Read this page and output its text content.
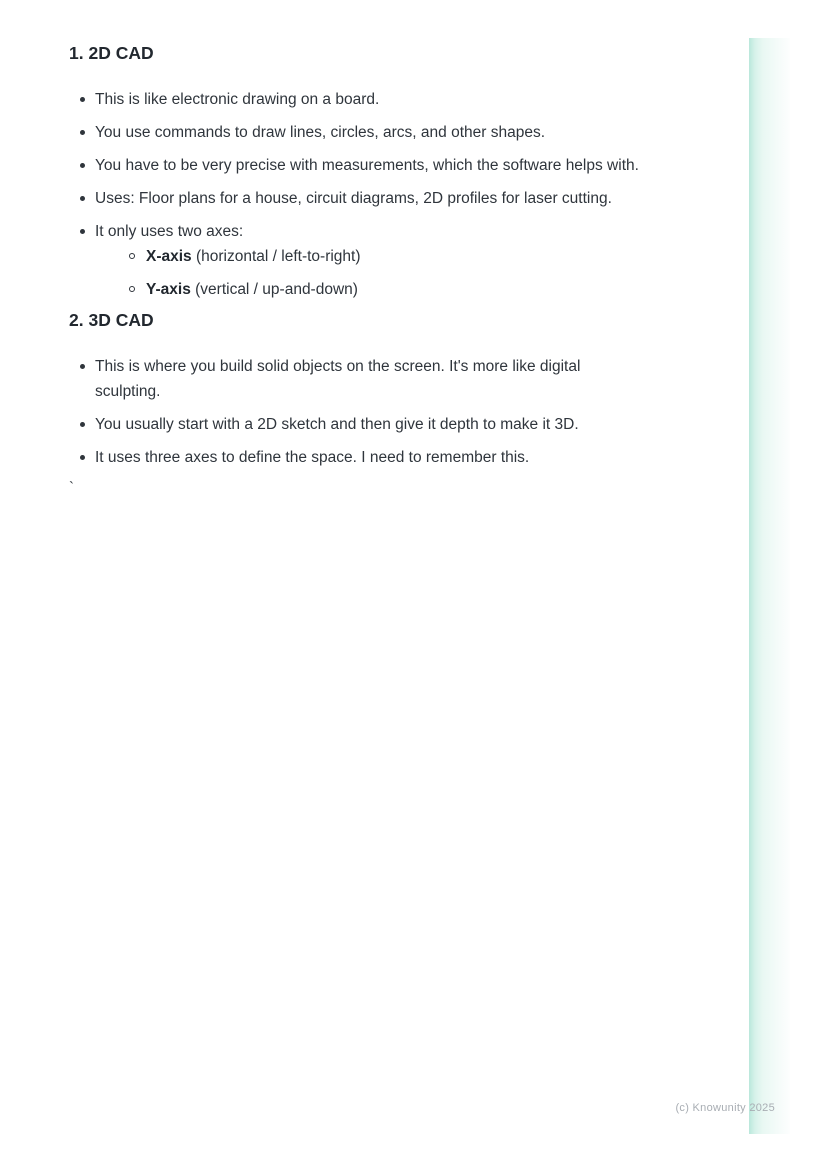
1. 2D CAD
This is like electronic drawing on a board.
You use commands to draw lines, circles, arcs, and other shapes.
You have to be very precise with measurements, which the software helps with.
Uses: Floor plans for a house, circuit diagrams, 2D profiles for laser cutting.
It only uses two axes:
X-axis (horizontal / left-to-right)
Y-axis (vertical / up-and-down)
2. 3D CAD
This is where you build solid objects on the screen. It's more like digital sculpting.
You usually start with a 2D sketch and then give it depth to make it 3D.
It uses three axes to define the space. I need to remember this.
`
(c) Knowunity 2025
